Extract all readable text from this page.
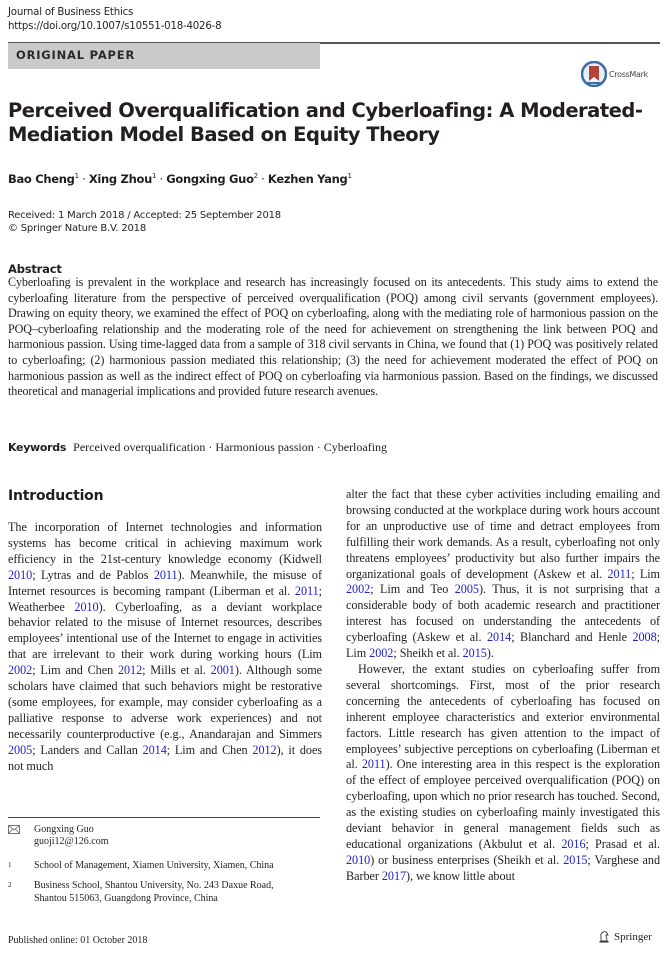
Journal of Business Ethics
https://doi.org/10.1007/s10551-018-4026-8
ORIGINAL PAPER
CrossMark
Perceived Overqualification and Cyberloafing: A Moderated-Mediation Model Based on Equity Theory
Bao Cheng$^1$ · Xing Zhou$^1$ · Gongxing Guo$^2$ · Kezhen Yang$^1$
Received: 1 March 2018 / Accepted: 25 September 2018
© Springer Nature B.V. 2018
Abstract
Cyberloafing is prevalent in the workplace and research has increasingly focused on its antecedents. This study aims to extend the cyberloafing literature from the perspective of perceived overqualification (POQ) among civil servants (government employees). Drawing on equity theory, we examined the effect of POQ on cyberloafing, along with the mediating role of harmonious passion on the POQ–cyberloafing relationship and the moderating role of the need for achievement on strengthening the link between POQ and harmonious passion. Using time-lagged data from a sample of 318 civil servants in China, we found that (1) POQ was positively related to cyberloafing; (2) harmonious passion mediated this relationship; (3) the need for achievement moderated the effect of POQ on harmonious passion as well as the indirect effect of POQ on cyberloafing via harmonious passion. Based on the findings, we discussed theoretical and managerial implications and provided future research avenues.
Keywords Perceived overqualification · Harmonious passion · Cyberloafing
Introduction

The incorporation of Internet technologies and information systems has become critical in achieving maximum work efficiency in the 21st-century knowledge economy (Kidwell 2010; Lytras and de Pablos 2011). Meanwhile, the misuse of Internet resources is becoming rampant (Liberman et al. 2011; Weatherbee 2010). Cyberloafing, as a deviant workplace behavior related to the misuse of Internet resources, describes employees’ intentional use of the Internet to engage in activities that are irrelevant to their work during working hours (Lim 2002; Lim and Chen 2012; Mills et al. 2001). Although some scholars have claimed that such behaviors might be restorative (some employees, for example, may consider cyberloafing as a palliative response to adverse work experiences) and not necessarily counterproductive (e.g., Anandarajan and Simmers 2005; Landers and Callan 2014; Lim and Chen 2012), it does not much

alter the fact that these cyber activities including emailing and browsing conducted at the workplace during work hours account for an unproductive use of time and detract employees from fulfilling their work demands. As a result, cyberloafing not only threatens employees’ productivity but also further impairs the organizational goals of development (Askew et al. 2011; Lim 2002; Lim and Teo 2005). Thus, it is not surprising that a considerable body of both academic research and practitioner interest has focused on understanding the antecedents of cyberloafing (Askew et al. 2014; Blanchard and Henle 2008; Lim 2002; Sheikh et al. 2015).

However, the extant studies on cyberloafing suffer from several shortcomings. First, most of the prior research concerning the antecedents of cyberloafing has focused on inherent employee characteristics and exterior environmental factors. Little research has given attention to the impact of employees’ subjective perceptions on cyberloafing (Liberman et al. 2011). One interesting area in this respect is the exploration of the effect of employee perceived overqualification (POQ) on cyberloafing, upon which no prior research has touched. Second, as the existing studies on cyberloafing mainly investigated this deviant behavior in general management fields such as educational organizations (Akbulut et al. 2016; Prasad et al. 2010) or business enterprises (Sheikh et al. 2015; Varghese and Barber 2017), we know little about

Gongxing Guo
guoji12@126.com
1	School of Management, Xiamen University, Xiamen, China
2	Business School, Shantou University, No. 243 Daxue Road, Shantou 515063, Guangdong Province, China
Published online: 01 October 2018	Springer
